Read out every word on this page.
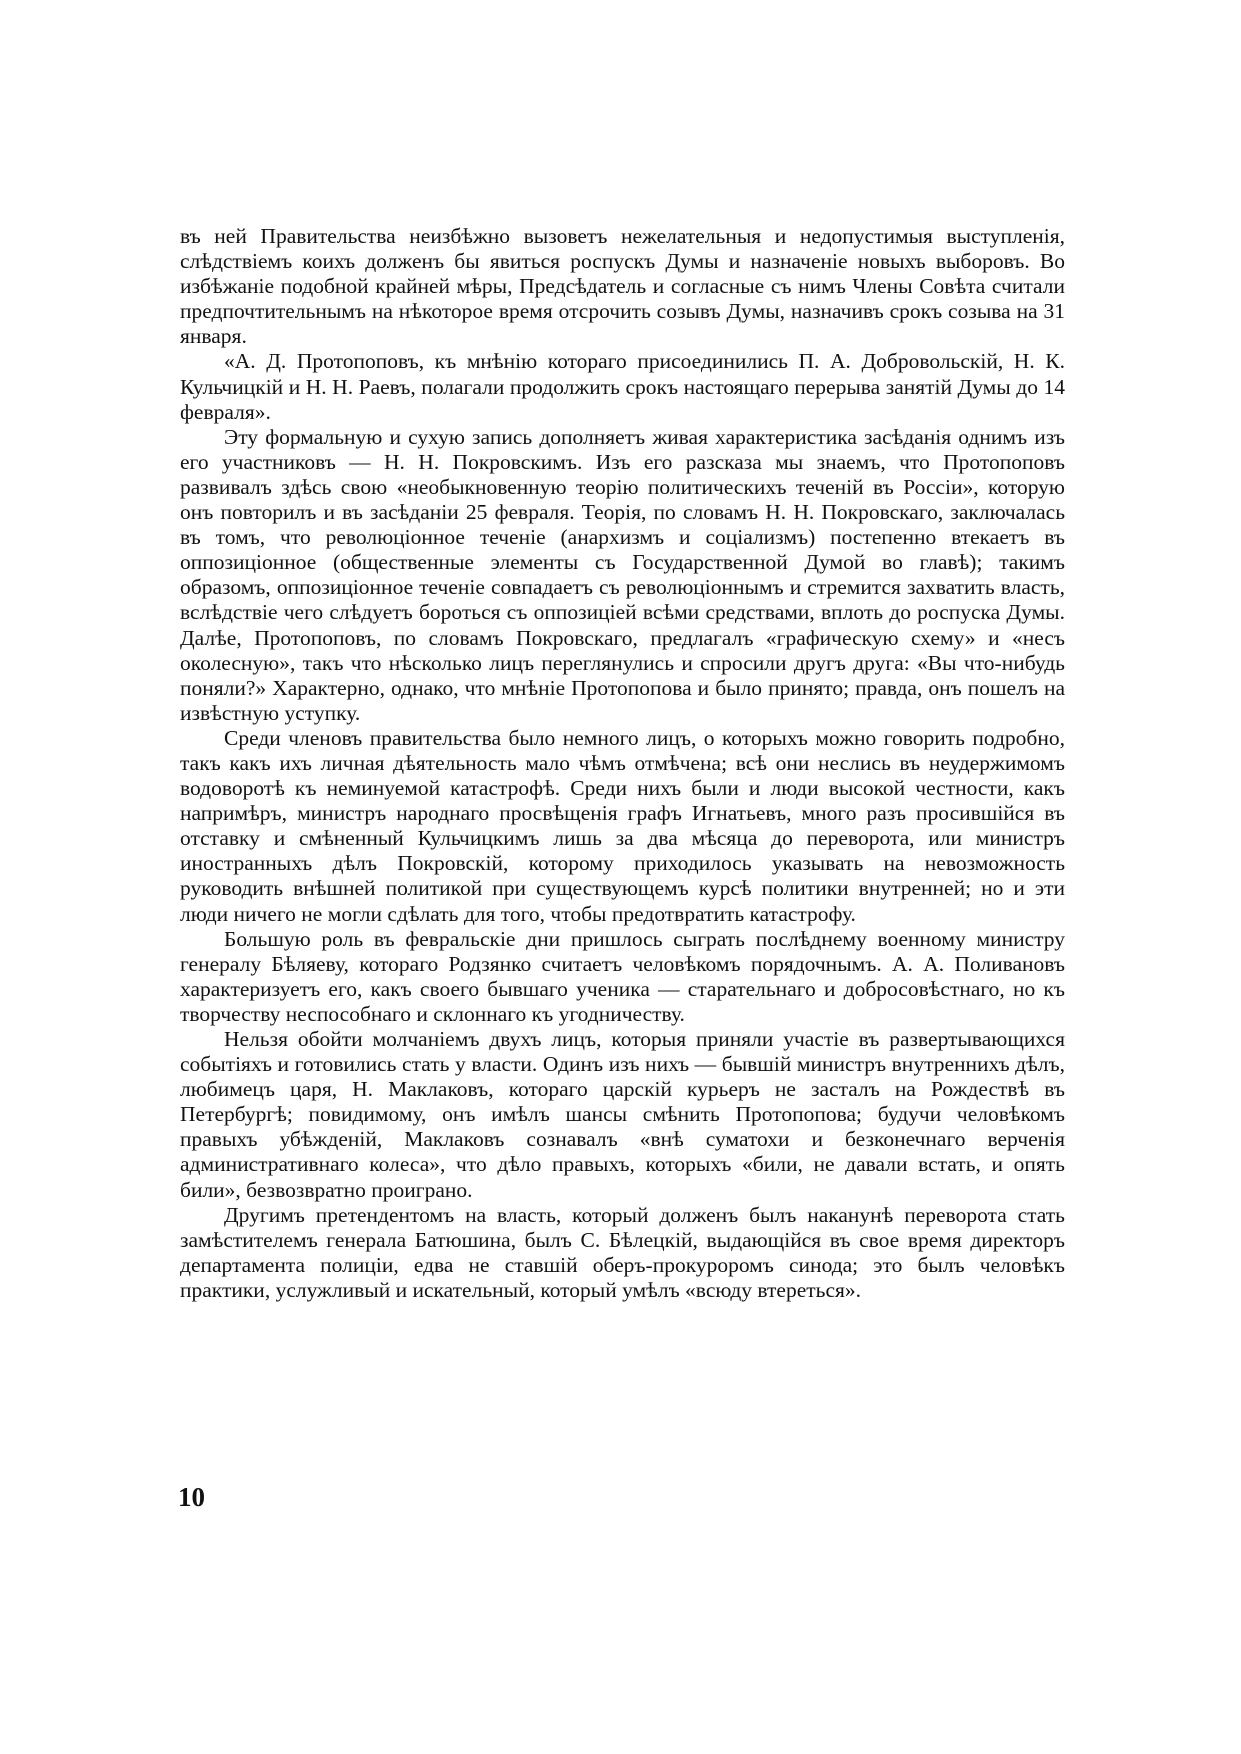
въ ней Правительства неизбѣжно вызоветъ нежелательныя и недопустимыя выступленія, слѣдствіемъ коихъ долженъ бы явиться роспускъ Думы и назначеніе новыхъ выборовъ. Во избѣжаніе подобной крайней мѣры, Предсѣдатель и согласные съ нимъ Члены Совѣта считали предпочтительнымъ на нѣкоторое время отсрочить созывъ Думы, назначивъ срокъ созыва на 31 января.

«А. Д. Протопоповъ, къ мнѣнію котораго присоединились П. А. Добровольскій, Н. К. Кульчицкій и Н. Н. Раевъ, полагали продолжить срокъ настоящаго перерыва занятій Думы до 14 февраля».

Эту формальную и сухую запись дополняетъ живая характеристика засѣданія однимъ изъ его участниковъ — Н. Н. Покровскимъ. Изъ его разсказа мы знаемъ, что Протопоповъ развивалъ здѣсь свою «необыкновенную теорію политическихъ теченій въ Россіи», которую онъ повторилъ и въ засѣданіи 25 февраля. Теорія, по словамъ Н. Н. Покровскаго, заключалась въ томъ, что революціонное теченіе (анархизмъ и соціализмъ) постепенно втекаетъ въ оппозиціонное (общественные элементы съ Государственной Думой во главѣ); такимъ образомъ, оппозиціонное теченіе совпадаетъ съ революціоннымъ и стремится захватить власть, вслѣдствіе чего слѣдуетъ бороться съ оппозиціей всѣми средствами, вплоть до роспуска Думы. Далѣе, Протопоповъ, по словамъ Покровскаго, предлагалъ «графическую схему» и «несъ околесную», такъ что нѣсколько лицъ переглянулись и спросили другъ друга: «Вы что-нибудь поняли?» Характерно, однако, что мнѣніе Протопопова и было принято; правда, онъ пошелъ на извѣстную уступку.

Среди членовъ правительства было немного лицъ, о которыхъ можно говорить подробно, такъ какъ ихъ личная дѣятельность мало чѣмъ отмѣчена; всѣ они неслись въ неудержимомъ водоворотѣ къ неминуемой катастрофѣ. Среди нихъ были и люди высокой честности, какъ напримѣръ, министръ народнаго просвѣщенія графъ Игнатьевъ, много разъ просившійся въ отставку и смѣненный Кульчицкимъ лишь за два мѣсяца до переворота, или министръ иностранныхъ дѣлъ Покровскій, которому приходилось указывать на невозможность руководить внѣшней политикой при существующемъ курсѣ политики внутренней; но и эти люди ничего не могли сдѣлать для того, чтобы предотвратить катастрофу.

Большую роль въ февральскіе дни пришлось сыграть послѣднему военному министру генералу Бѣляеву, котораго Родзянко считаетъ человѣкомъ порядочнымъ. А. А. Поливановъ характеризуетъ его, какъ своего бывшаго ученика — старательнаго и добросовѣстнаго, но къ творчеству неспособнаго и склоннаго къ угодничеству.

Нельзя обойти молчаніемъ двухъ лицъ, которыя приняли участіе въ развертывающихся событіяхъ и готовились стать у власти. Одинъ изъ нихъ — бывшій министръ внутреннихъ дѣлъ, любимецъ царя, Н. Маклаковъ, котораго царскій курьеръ не засталъ на Рождествѣ въ Петербургѣ; повидимому, онъ имѣлъ шансы смѣнить Протопопова; будучи человѣкомъ правыхъ убѣжденій, Маклаковъ сознавалъ «внѣ суматохи и безконечнаго верченія административнаго колеса», что дѣло правыхъ, которыхъ «били, не давали встать, и опять били», безвозвратно проиграно.

Другимъ претендентомъ на власть, который долженъ былъ наканунѣ переворота стать замѣстителемъ генерала Батюшина, былъ С. Бѣлецкій, выдающійся въ свое время директоръ департамента полиціи, едва не ставшій оберъ-прокуроромъ синода; это былъ человѣкъ практики, услужливый и искательный, который умѣлъ «всюду втереться».

10
